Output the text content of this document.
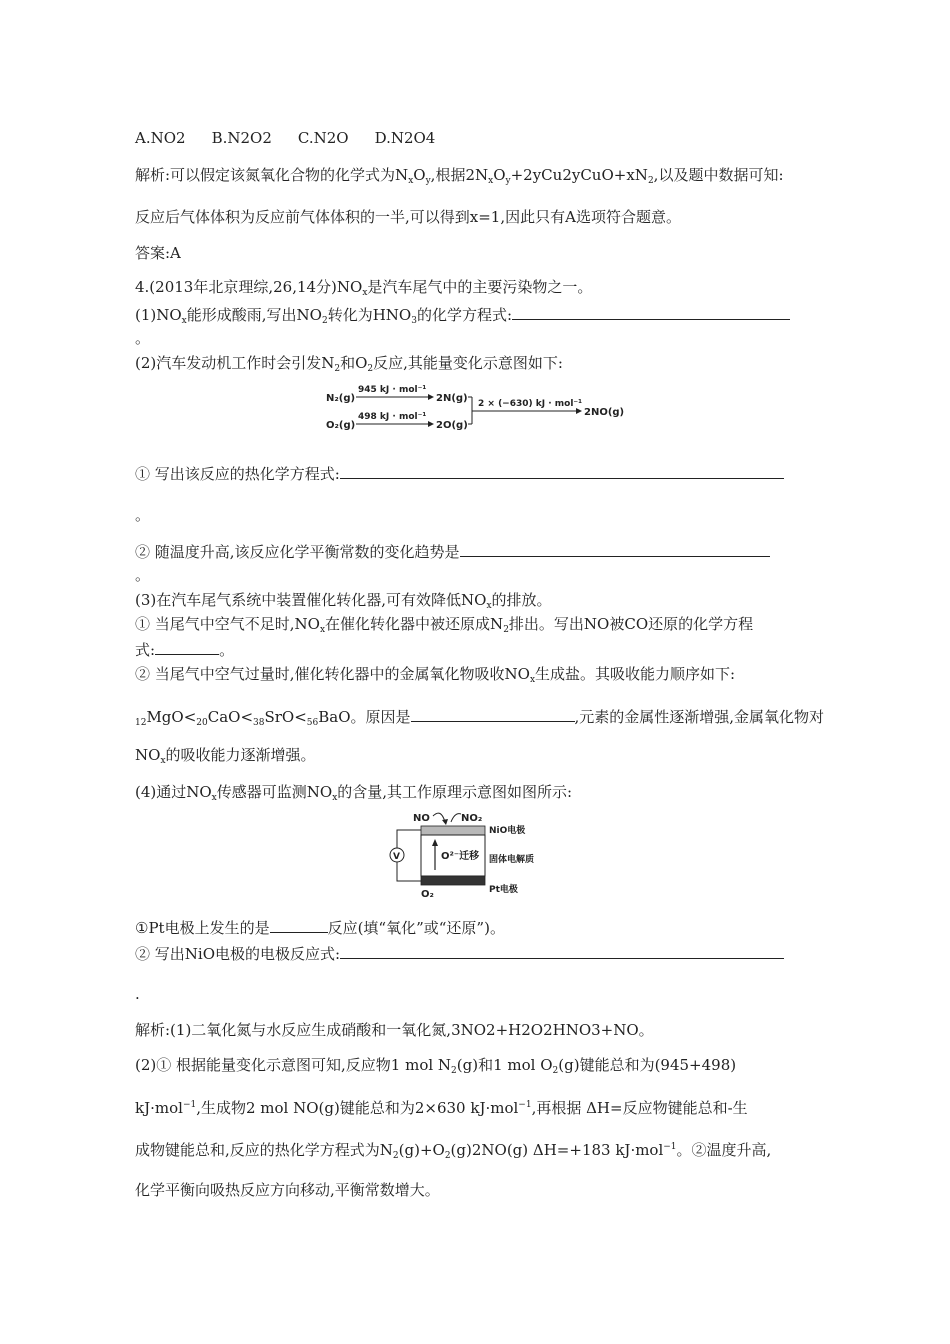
A.NO2 B.N2O2 C.N2O D.N2O4
解析:可以假定该氮氧化合物的化学式为$N_xO_y$,根据$2N_xO_y+2yCu2yCuO+xN_2$,以及题中数据可知:
反应后气体体积为反应前气体体积的一半,可以得到x=1,因此只有A选项符合题意。
答案:A
4.(2013年北京理综,26,14分)$NO_x$是汽车尾气中的主要污染物之一。
$(1)NO_x$能形成酸雨,写出$NO_2$转化为$HNO_3$的化学方程式:
。
(2)汽车发动机工作时会引发$N_2$和$O_2$反应,其能量变化示意图如下:
N₂(g)
O₂(g)
945 kJ · mol⁻¹
498 kJ · mol⁻¹
2N(g)
2O(g)
2 × (−630) kJ · mol⁻¹
2NO(g)
① 写出该反应的热化学方程式:
。
② 随温度升高,该反应化学平衡常数的变化趋势是
。
(3)在汽车尾气系统中装置催化转化器,可有效降低$NO_x$的排放。
① 当尾气中空气不足时$,NO_x$在催化转化器中被还原成$N_2$排出。写出NO被CO还原的化学方程
式:	。
② 当尾气中空气过量时,催化转化器中的金属氧化物吸收$NO_x$生成盐。其吸收能力顺序如下:
$_{12}MgO<_{20}CaO<_{38}SrO<_{56}BaO$。原因是	,元素的金属性逐渐增强,金属氧化物对
$NO_x$的吸收能力逐渐增强。
(4)通过$NO_x$传感器可监测$NO_x$的含量,其工作原理示意图如图所示:
NO	NO₂
NiO电极
O²⁻迁移 固体电解质
Pt电极
O₂
V
①Pt电极上发生的是	反应(填“氧化”或“还原”)。
② 写出NiO电极的电极反应式:
.
解析:(1)二氧化氮与水反应生成硝酸和一氧化氮,3NO2+H2O2HNO3+NO。
(2)① 根据能量变化示意图可知,反应物1 mol $N_2(g)$和1 mol $O_2(g)$键能总和为(945+498)
kJ·mol$^{-1}$,生成物2 mol NO(g)键能总和为2×630 kJ·mol$^{-1}$,再根据 ΔH=反应物键能总和-生
成物键能总和,反应的热化学方程式为$N_2(g)+O_2(g)2NO(g)$ ΔH=+183 kJ·mol$^{-1}$。②温度升高,
化学平衡向吸热反应方向移动,平衡常数增大。
